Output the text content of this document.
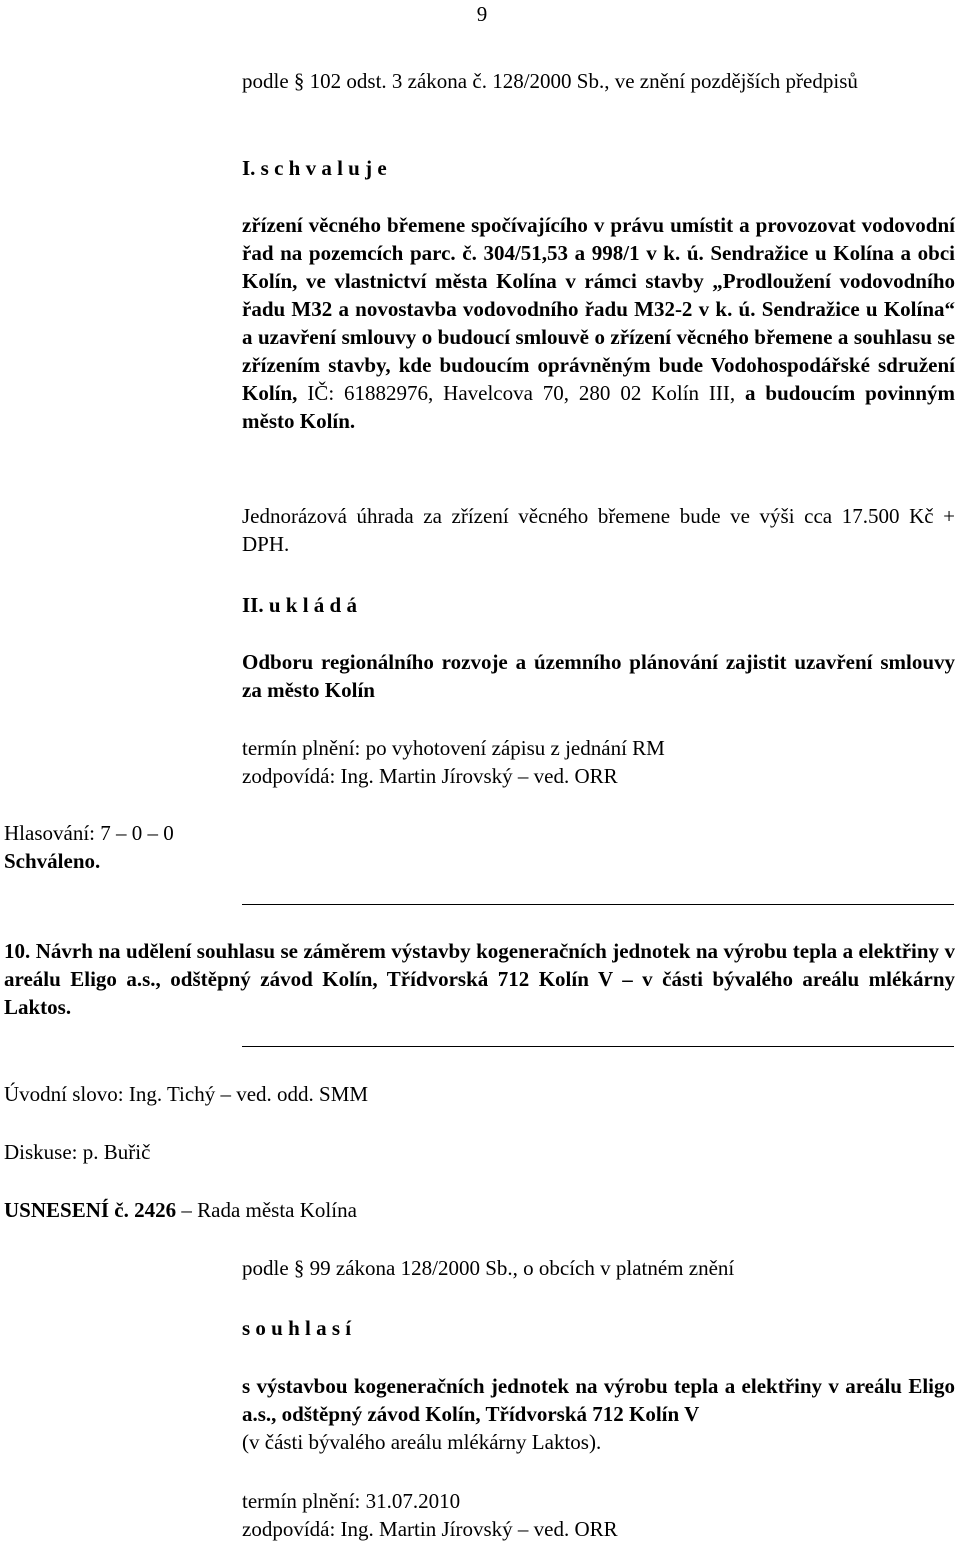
9

podle § 102 odst. 3 zákona č. 128/2000 Sb., ve znění pozdějších předpisů

I. s c h v a l u j e

zřízení věcného břemene spočívajícího v právu umístit a provozovat vodovodní řad na pozemcích parc. č. 304/51,53 a 998/1 v k. ú. Sendražice u Kolína a obci Kolín, ve vlastnictví města Kolína v rámci stavby „Prodloužení vodovodního řadu M32 a novostavba vodovodního řadu M32-2 v k. ú. Sendražice u Kolína“ a uzavření smlouvy o budoucí smlouvě o zřízení věcného břemene a souhlasu se zřízením stavby, kde budoucím oprávněným bude Vodohospodářské sdružení Kolín, IČ: 61882976, Havelcova 70, 280 02 Kolín III, a budoucím povinným město Kolín.

Jednorázová úhrada za zřízení věcného břemene bude ve výši cca 17.500 Kč + DPH.

II. u k l á d á

Odboru regionálního rozvoje a územního plánování zajistit uzavření smlouvy za město Kolín

termín plnění: po vyhotovení zápisu z jednání RM

zodpovídá: Ing. Martin Jírovský – ved. ORR

Hlasování: 7 – 0 – 0

Schváleno.

10. Návrh na udělení souhlasu se záměrem výstavby kogeneračních jednotek na výrobu tepla a elektřiny v areálu Eligo a.s., odštěpný závod Kolín, Třídvorská 712 Kolín V – v části bývalého areálu mlékárny Laktos.

Úvodní slovo: Ing. Tichý – ved. odd. SMM

Diskuse: p. Buřič

USNESENÍ č. 2426 – Rada města Kolína

podle § 99 zákona 128/2000 Sb., o obcích v platném znění

s o u h l a s í

s výstavbou kogeneračních jednotek na výrobu tepla a elektřiny v areálu Eligo a.s., odštěpný závod Kolín, Třídvorská 712 Kolín V
(v části bývalého areálu mlékárny Laktos).

termín plnění: 31.07.2010

zodpovídá: Ing. Martin Jírovský – ved. ORR
